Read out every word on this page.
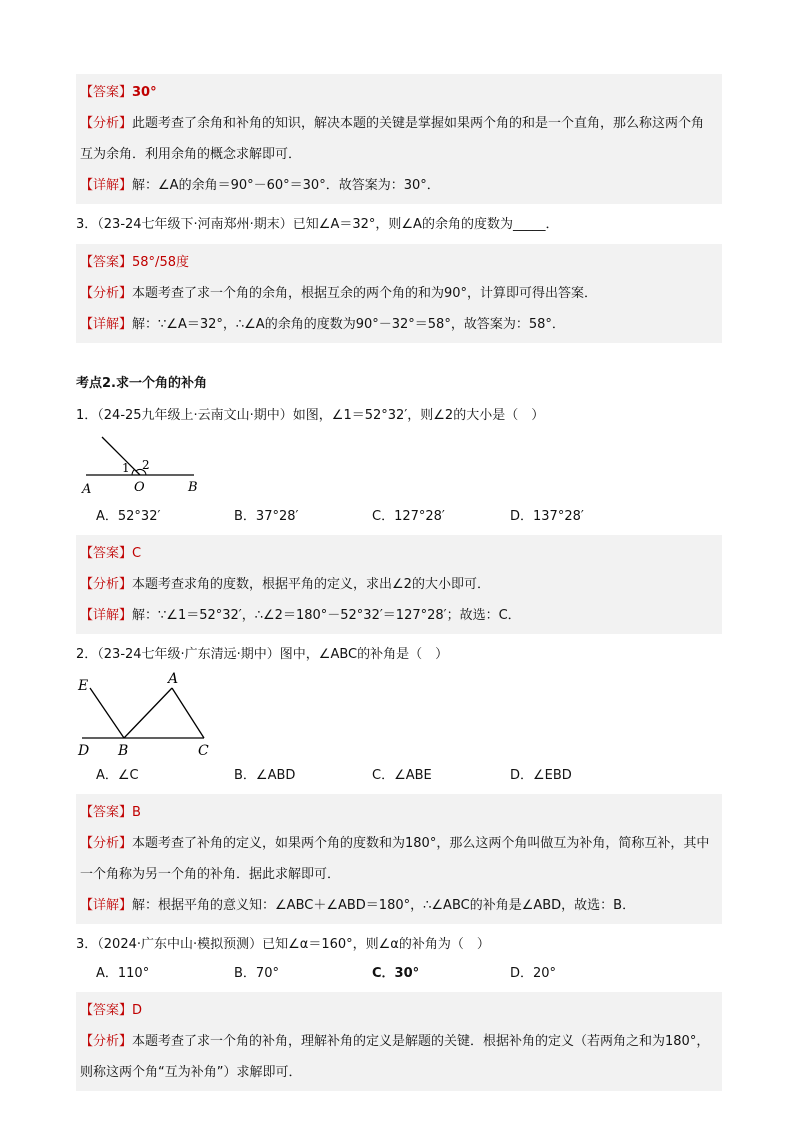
【答案】30°
【分析】此题考查了余角和补角的知识，解决本题的关键是掌握如果两个角的和是一个直角，那么称这两个角互为余角．利用余角的概念求解即可．
【详解】解：∠A的余角＝90°－60°＝30°．故答案为：30°．
3．（23-24七年级下·河南郑州·期末）已知∠A＝32°，则∠A的余角的度数为_____．
【答案】58°/58度
【分析】本题考查了求一个角的余角，根据互余的两个角的和为90°，计算即可得出答案．
【详解】解：∵∠A＝32°，∴∠A的余角的度数为90°－32°＝58°，故答案为：58°．
考点2.求一个角的补角
1．（24-25九年级上·云南文山·期中）如图，∠1＝52°32′，则∠2的大小是（　）
1 2
A	O	B
A．52°32′	B．37°28′	C．127°28′	D．137°28′
【答案】C
【分析】本题考查求角的度数，根据平角的定义，求出∠2的大小即可．
【详解】解：∵∠1＝52°32′，∴∠2＝180°－52°32′＝127°28′；故选：C．
2．（23-24七年级·广东清远·期中）图中，∠ABC的补角是（　）
E	A
D B	C
A．∠C	B．∠ABD	C．∠ABE	D．∠EBD
【答案】B
【分析】本题考查了补角的定义，如果两个角的度数和为180°，那么这两个角叫做互为补角，简称互补，其中一个角称为另一个角的补角．据此求解即可．
【详解】解：根据平角的意义知：∠ABC＋∠ABD＝180°，∴∠ABC的补角是∠ABD，故选：B．
3．（2024·广东中山·模拟预测）已知∠α＝160°，则∠α的补角为（　）
A．110°	B．70°	C．30°	D．20°
【答案】D
【分析】本题考查了求一个角的补角，理解补角的定义是解题的关键．根据补角的定义（若两角之和为180°，则称这两个角“互为补角”）求解即可．
